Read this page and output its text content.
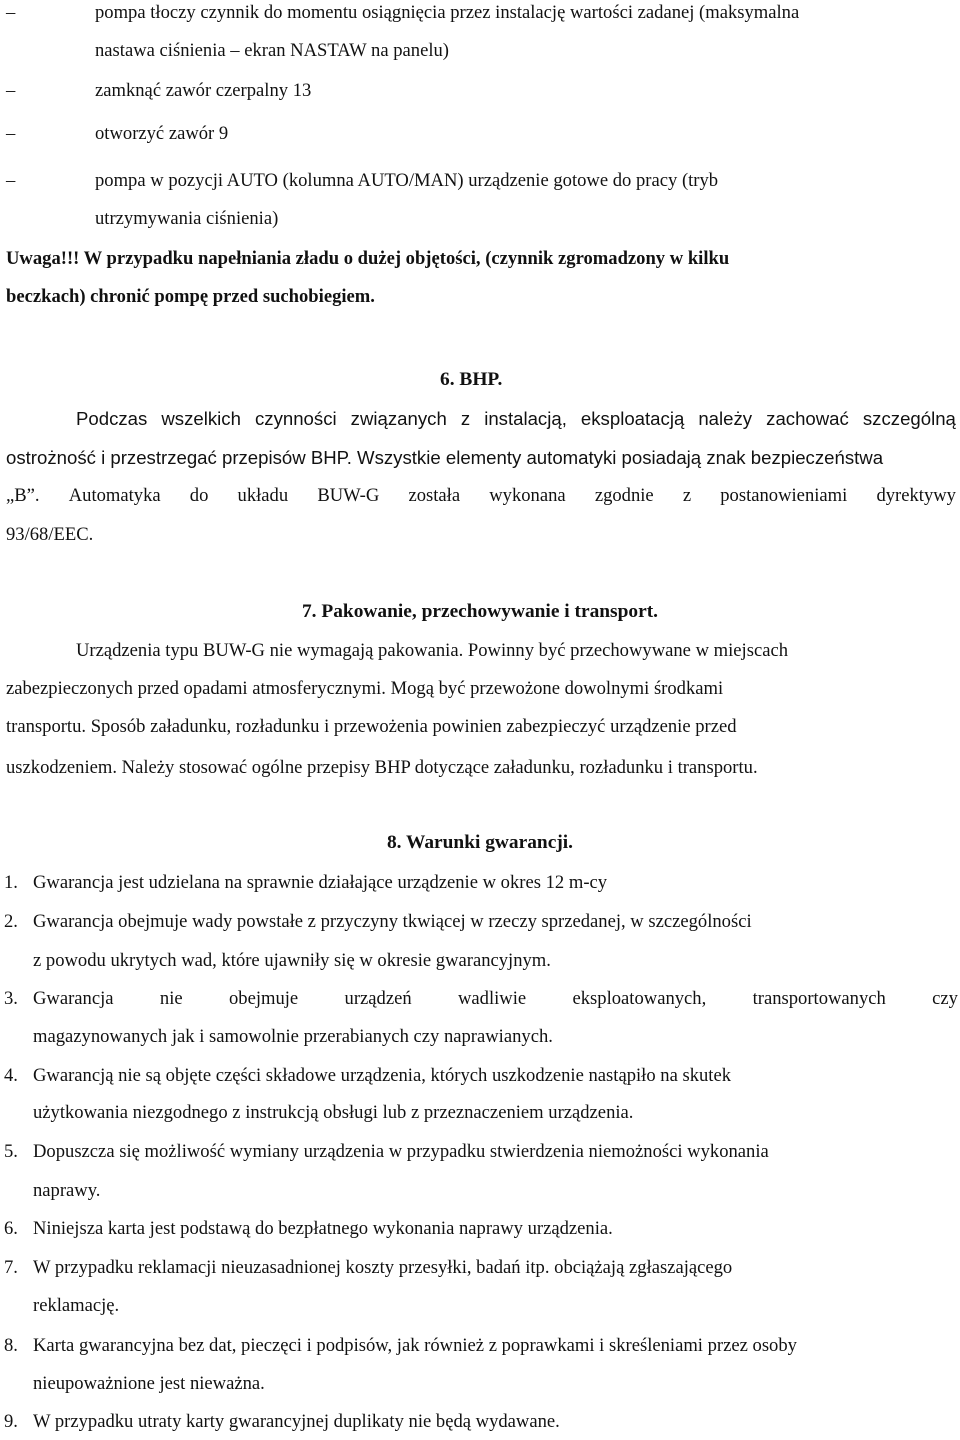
–	pompa tłoczy czynnik do momentu osiągnięcia przez instalację wartości zadanej (maksymalna
nastawa ciśnienia – ekran NASTAW na panelu)
–	zamknąć zawór czerpalny 13
–	otworzyć zawór 9
–	pompa w pozycji AUTO (kolumna AUTO/MAN) urządzenie gotowe do pracy (tryb
utrzymywania ciśnienia)
Uwaga!!! W przypadku napełniania zładu o dużej objętości, (czynnik zgromadzony w kilku
beczkach) chronić pompę przed suchobiegiem.
6. BHP.
Podczas wszelkich czynności związanych z instalacją, eksploatacją należy zachować szczególną
ostrożność i przestrzegać przepisów BHP. Wszystkie elementy automatyki posiadają znak bezpieczeństwa
„B”. Automatyka do układu BUW-G została wykonana zgodnie z postanowieniami dyrektywy
93/68/EEC.
7. Pakowanie, przechowywanie i transport.
Urządzenia typu BUW-G nie wymagają pakowania. Powinny być przechowywane w miejscach
zabezpieczonych przed opadami atmosferycznymi. Mogą być przewożone dowolnymi środkami
transportu. Sposób załadunku, rozładunku i przewożenia powinien zabezpieczyć urządzenie przed
uszkodzeniem. Należy stosować ogólne przepisy BHP dotyczące załadunku, rozładunku i transportu.
8. Warunki gwarancji.
1. Gwarancja jest udzielana na sprawnie działające urządzenie w okres 12 m-cy
2. Gwarancja obejmuje wady powstałe z przyczyny tkwiącej w rzeczy sprzedanej, w szczególności
z powodu ukrytych wad, które ujawniły się w okresie gwarancyjnym.
3. Gwarancja nie obejmuje urządzeń wadliwie eksploatowanych, transportowanych czy
magazynowanych jak i samowolnie przerabianych czy naprawianych.
4. Gwarancją nie są objęte części składowe urządzenia, których uszkodzenie nastąpiło na skutek
użytkowania niezgodnego z instrukcją obsługi lub z przeznaczeniem urządzenia.
5. Dopuszcza się możliwość wymiany urządzenia w przypadku stwierdzenia niemożności wykonania
naprawy.
6. Niniejsza karta jest podstawą do bezpłatnego wykonania naprawy urządzenia.
7. W przypadku reklamacji nieuzasadnionej koszty przesyłki, badań itp. obciążają zgłaszającego
reklamację.
8. Karta gwarancyjna bez dat, pieczęci i podpisów, jak również z poprawkami i skreśleniami przez osoby
nieupoważnione jest nieważna.
9. W przypadku utraty karty gwarancyjnej duplikaty nie będą wydawane.
